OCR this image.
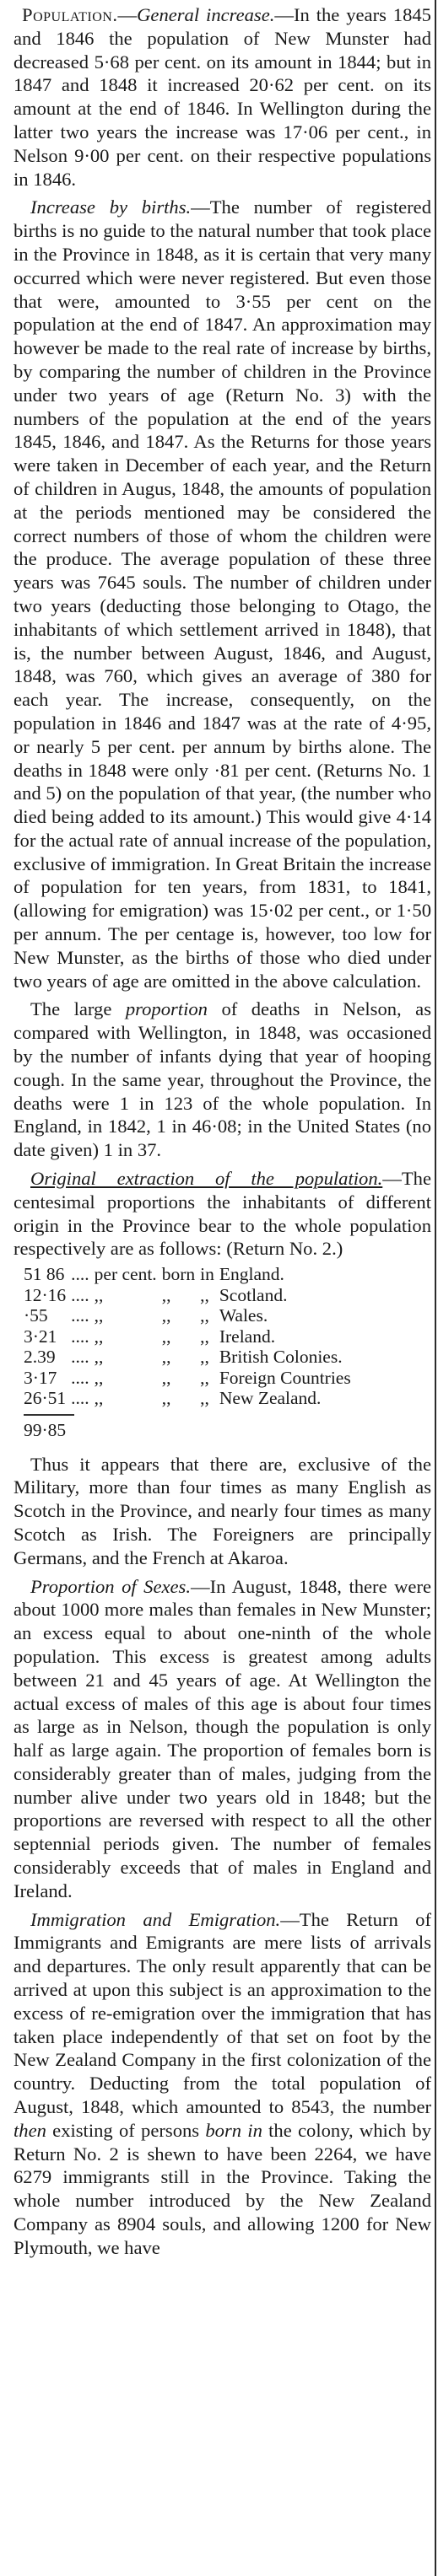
Population.—General increase.—In the years 1845 and 1846 the population of New Munster had decreased 5·68 per cent. on its amount in 1844; but in 1847 and 1848 it increased 20·62 per cent. on its amount at the end of 1846. In Wellington during the latter two years the increase was 17·06 per cent., in Nelson 9·00 per cent. on their respective populations in 1846.

Increase by births.—The number of registered births is no guide to the natural number that took place in the Province in 1848, as it is certain that very many occurred which were never registered. But even those that were, amounted to 3·55 per cent on the population at the end of 1847. An approximation may however be made to the real rate of increase by births, by comparing the number of children in the Province under two years of age (Return No. 3) with the numbers of the population at the end of the years 1845, 1846, and 1847. As the Returns for those years were taken in December of each year, and the Return of children in Augus, 1848, the amounts of population at the periods mentioned may be considered the correct numbers of those of whom the children were the produce. The average population of these three years was 7645 souls. The number of children under two years (deducting those belonging to Otago, the inhabitants of which settlement arrived in 1848), that is, the number between August, 1846, and August, 1848, was 760, which gives an average of 380 for each year. The increase, consequently, on the population in 1846 and 1847 was at the rate of 4·95, or nearly 5 per cent. per annum by births alone. The deaths in 1848 were only ·81 per cent. (Returns No. 1 and 5) on the population of that year, (the number who died being added to its amount.) This would give 4·14 for the actual rate of annual increase of the population, exclusive of immigration. In Great Britain the increase of population for ten years, from 1831, to 1841, (allowing for emigration) was 15·02 per cent., or 1·50 per annum. The per centage is, however, too low for New Munster, as the births of those who died under two years of age are omitted in the above calculation.

The large proportion of deaths in Nelson, as compared with Wellington, in 1848, was occasioned by the number of infants dying that year of hooping cough. In the same year, throughout the Province, the deaths were 1 in 123 of the whole population. In England, in 1842, 1 in 46·08; in the United States (no date given) 1 in 37.

Original extraction of the population.—The centesimal proportions the inhabitants of different origin in the Province bear to the whole population respectively are as follows: (Return No. 2.)

51 86	....	per cent.	born	in	England.
12·16	....	,,	,,	,,	Scotland.
·55	....	,,	,,	,,	Wales.
3·21	....	,,	,,	,,	Ireland.
2.39	....	,,	,,	,,	British Colonies.
3·17	....	,,	,,	,,	Foreign Countries
26·51	....	,,	,,	,,	New Zealand.
99·85

Thus it appears that there are, exclusive of the Military, more than four times as many English as Scotch in the Province, and nearly four times as many Scotch as Irish. The Foreigners are principally Germans, and the French at Akaroa.

Proportion of Sexes.—In August, 1848, there were about 1000 more males than females in New Munster; an excess equal to about one-ninth of the whole population. This excess is greatest among adults between 21 and 45 years of age. At Wellington the actual excess of males of this age is about four times as large as in Nelson, though the population is only half as large again. The proportion of females born is considerably greater than of males, judging from the number alive under two years old in 1848; but the proportions are reversed with respect to all the other septennial periods given. The number of females considerably exceeds that of males in England and Ireland.

Immigration and Emigration.—The Return of Immigrants and Emigrants are mere lists of arrivals and departures. The only result apparently that can be arrived at upon this subject is an approximation to the excess of re-emigration over the immigration that has taken place independently of that set on foot by the New Zealand Company in the first colonization of the country. Deducting from the total population of August, 1848, which amounted to 8543, the number then existing of persons born in the colony, which by Return No. 2 is shewn to have been 2264, we have 6279 immigrants still in the Province. Taking the whole number introduced by the New Zealand Company as 8904 souls, and allowing 1200 for New Plymouth, we have
